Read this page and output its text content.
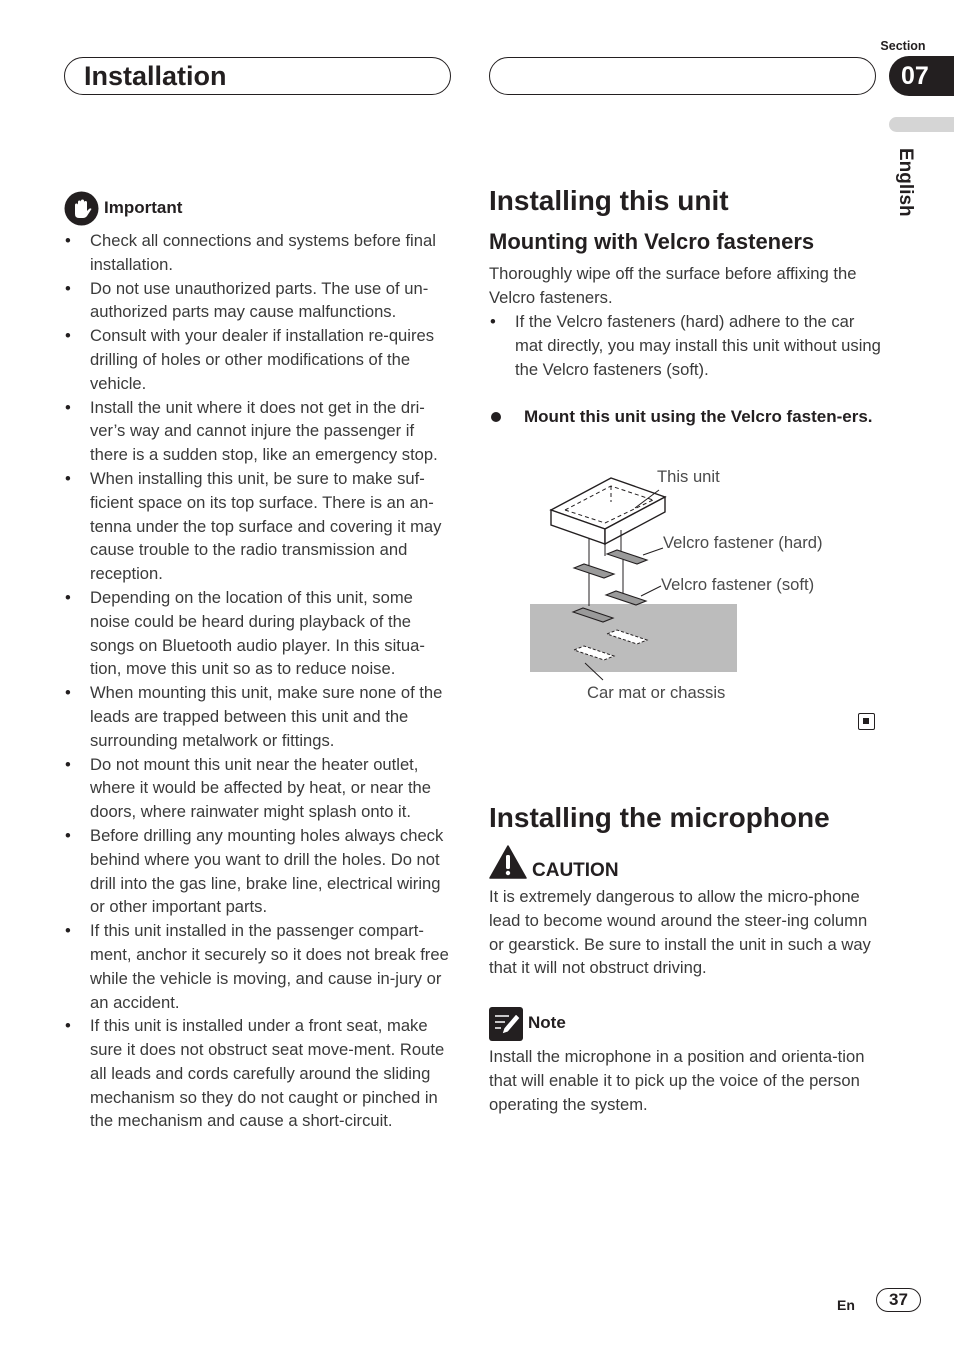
Installation
Section
07
English
Important
• Check all connections and systems before final installation.
• Do not use unauthorized parts. The use of un-authorized parts may cause malfunctions.
• Consult with your dealer if installation re-quires drilling of holes or other modifications of the vehicle.
• Install the unit where it does not get in the dri-ver’s way and cannot injure the passenger if there is a sudden stop, like an emergency stop.
• When installing this unit, be sure to make suf-ficient space on its top surface. There is an an-tenna under the top surface and covering it may cause trouble to the radio transmission and reception.
• Depending on the location of this unit, some noise could be heard during playback of the songs on Bluetooth audio player. In this situa-tion, move this unit so as to reduce noise.
• When mounting this unit, make sure none of the leads are trapped between this unit and the surrounding metalwork or fittings.
• Do not mount this unit near the heater outlet, where it would be affected by heat, or near the doors, where rainwater might splash onto it.
• Before drilling any mounting holes always check behind where you want to drill the holes. Do not drill into the gas line, brake line, electrical wiring or other important parts.
• If this unit installed in the passenger compart-ment, anchor it securely so it does not break free while the vehicle is moving, and cause in-jury or an accident.
• If this unit is installed under a front seat, make sure it does not obstruct seat move-ment. Route all leads and cords carefully around the sliding mechanism so they do not caught or pinched in the mechanism and cause a short-circuit.
Installing this unit
Mounting with Velcro fasteners
Thoroughly wipe off the surface before affixing the Velcro fasteners.
• If the Velcro fasteners (hard) adhere to the car mat directly, you may install this unit without using the Velcro fasteners (soft).
Mount this unit using the Velcro fasten-ers.
This unit
Velcro fastener (hard)
Velcro fastener (soft)
Car mat or chassis
Installing the microphone
CAUTION
It is extremely dangerous to allow the micro-phone lead to become wound around the steer-ing column or gearstick. Be sure to install the unit in such a way that it will not obstruct driving.
Note
Install the microphone in a position and orienta-tion that will enable it to pick up the voice of the person operating the system.
En	37
